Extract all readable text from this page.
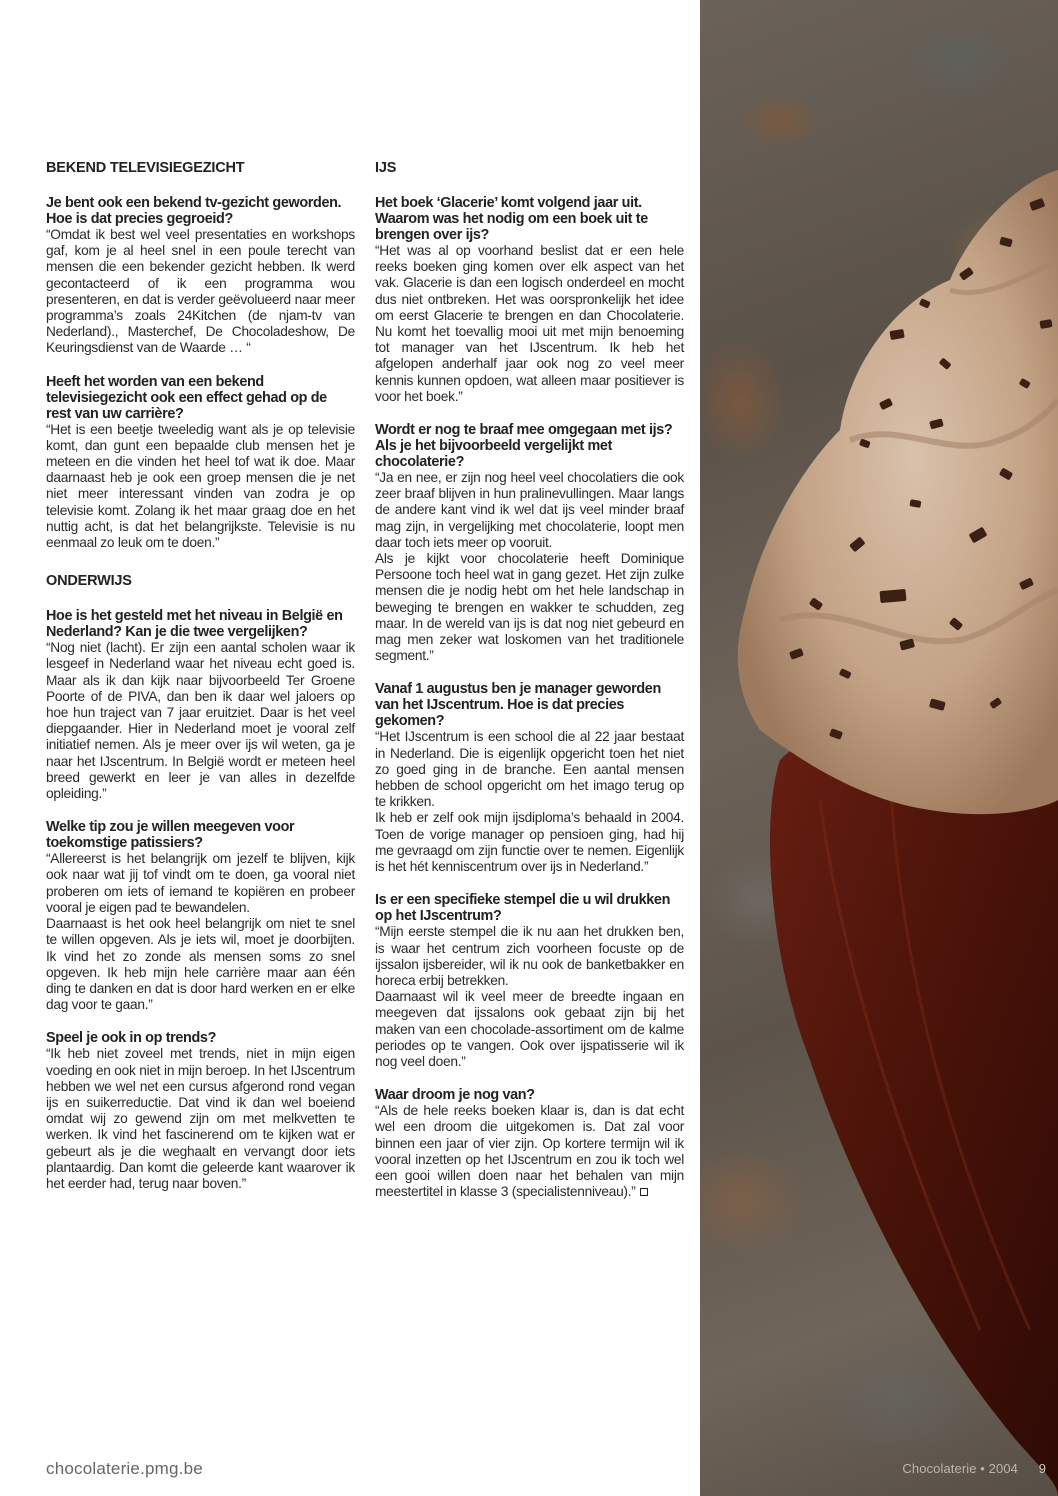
BEKEND TELEVISIEGEZICHT
Je bent ook een bekend tv-gezicht geworden. Hoe is dat precies gegroeid?

“Omdat ik best wel veel presentaties en workshops gaf, kom je al heel snel in een poule terecht van mensen die een bekender gezicht hebben. Ik werd gecontacteerd of ik een programma wou presenteren, en dat is verder geëvolueerd naar meer programma’s zoals 24Kitchen (de njam-tv van Nederland)., Masterchef, De Chocoladeshow, De Keuringsdienst van de Waarde … “

Heeft het worden van een bekend televisiegezicht ook een effect gehad op de rest van uw carrière?

“Het is een beetje tweeledig want als je op televisie komt, dan gunt een bepaalde club mensen het je meteen en die vinden het heel tof wat ik doe. Maar daarnaast heb je ook een groep mensen die je net niet meer interessant vinden van zodra je op televisie komt. Zolang ik het maar graag doe en het nuttig acht, is dat het belangrijkste. Televisie is nu eenmaal zo leuk om te doen.”

ONDERWIJS
Hoe is het gesteld met het niveau in België en Nederland? Kan je die twee vergelijken?

“Nog niet (lacht). Er zijn een aantal scholen waar ik lesgeef in Nederland waar het niveau echt goed is. Maar als ik dan kijk naar bijvoorbeeld Ter Groene Poorte of de PIVA, dan ben ik daar wel jaloers op hoe hun traject van 7 jaar eruitziet. Daar is het veel diepgaander. Hier in Nederland moet je vooral zelf initiatief nemen. Als je meer over ijs wil weten, ga je naar het IJscentrum. In België wordt er meteen heel breed gewerkt en leer je van alles in dezelfde opleiding.”

Welke tip zou je willen meegeven voor toekomstige patissiers?

“Allereerst is het belangrijk om jezelf te blijven, kijk ook naar wat jij tof vindt om te doen, ga vooral niet proberen om iets of iemand te kopiëren en probeer vooral je eigen pad te bewandelen.

Daarnaast is het ook heel belangrijk om niet te snel te willen opgeven. Als je iets wil, moet je doorbijten. Ik vind het zo zonde als mensen soms zo snel opgeven. Ik heb mijn hele carrière maar aan één ding te danken en dat is door hard werken en er elke dag voor te gaan.”

Speel je ook in op trends?

“Ik heb niet zoveel met trends, niet in mijn eigen voeding en ook niet in mijn beroep. In het IJscentrum hebben we wel net een cursus afgerond rond vegan ijs en suikerreductie. Dat vind ik dan wel boeiend omdat wij zo gewend zijn om met melkvetten te werken. Ik vind het fascinerend om te kijken wat er gebeurt als je die weghaalt en vervangt door iets plantaardig. Dan komt die geleerde kant waarover ik het eerder had, terug naar boven.”

IJS
Het boek ‘Glacerie’ komt volgend jaar uit. Waarom was het nodig om een boek uit te brengen over ijs?

“Het was al op voorhand beslist dat er een hele reeks boeken ging komen over elk aspect van het vak. Glacerie is dan een logisch onderdeel en mocht dus niet ontbreken. Het was oorspronkelijk het idee om eerst Glacerie te brengen en dan Chocolaterie. Nu komt het toevallig mooi uit met mijn benoeming tot manager van het IJscentrum. Ik heb het afgelopen anderhalf jaar ook nog zo veel meer kennis kunnen opdoen, wat alleen maar positiever is voor het boek.”

Wordt er nog te braaf mee omgegaan met ijs? Als je het bijvoorbeeld vergelijkt met chocolaterie?

“Ja en nee, er zijn nog heel veel chocolatiers die ook zeer braaf blijven in hun pralinevullingen. Maar langs de andere kant vind ik wel dat ijs veel minder braaf mag zijn, in vergelijking met chocolaterie, loopt men daar toch iets meer op vooruit.

Als je kijkt voor chocolaterie heeft Dominique Persoone toch heel wat in gang gezet. Het zijn zulke mensen die je nodig hebt om het hele landschap in beweging te brengen en wakker te schudden, zeg maar. In de wereld van ijs is dat nog niet gebeurd en mag men zeker wat loskomen van het traditionele segment.”

Vanaf 1 augustus ben je manager geworden van het IJscentrum. Hoe is dat precies gekomen?

“Het IJscentrum is een school die al 22 jaar bestaat in Nederland. Die is eigenlijk opgericht toen het niet zo goed ging in de branche. Een aantal mensen hebben de school opgericht om het imago terug op te krikken.

Ik heb er zelf ook mijn ijsdiploma’s behaald in 2004. Toen de vorige manager op pensioen ging, had hij me gevraagd om zijn functie over te nemen. Eigenlijk is het hét kenniscentrum over ijs in Nederland.”

Is er een specifieke stempel die u wil drukken op het IJscentrum?

“Mijn eerste stempel die ik nu aan het drukken ben, is waar het centrum zich voorheen focuste op de ijssalon ijsbereider, wil ik nu ook de banketbakker en horeca erbij betrekken.

Daarnaast wil ik veel meer de breedte ingaan en meegeven dat ijssalons ook gebaat zijn bij het maken van een chocolade-assortiment om de kalme periodes op te vangen. Ook over ijspatisserie wil ik nog veel doen.”

Waar droom je nog van?

“Als de hele reeks boeken klaar is, dan is dat echt wel een droom die uitgekomen is. Dat zal voor binnen een jaar of vier zijn. Op kortere termijn wil ik vooral inzetten op het IJscentrum en zou ik toch wel een gooi willen doen naar het behalen van mijn meestertitel in klasse 3 (specialistenniveau).”

chocolaterie.pmg.be	Chocolaterie • 2004 9
